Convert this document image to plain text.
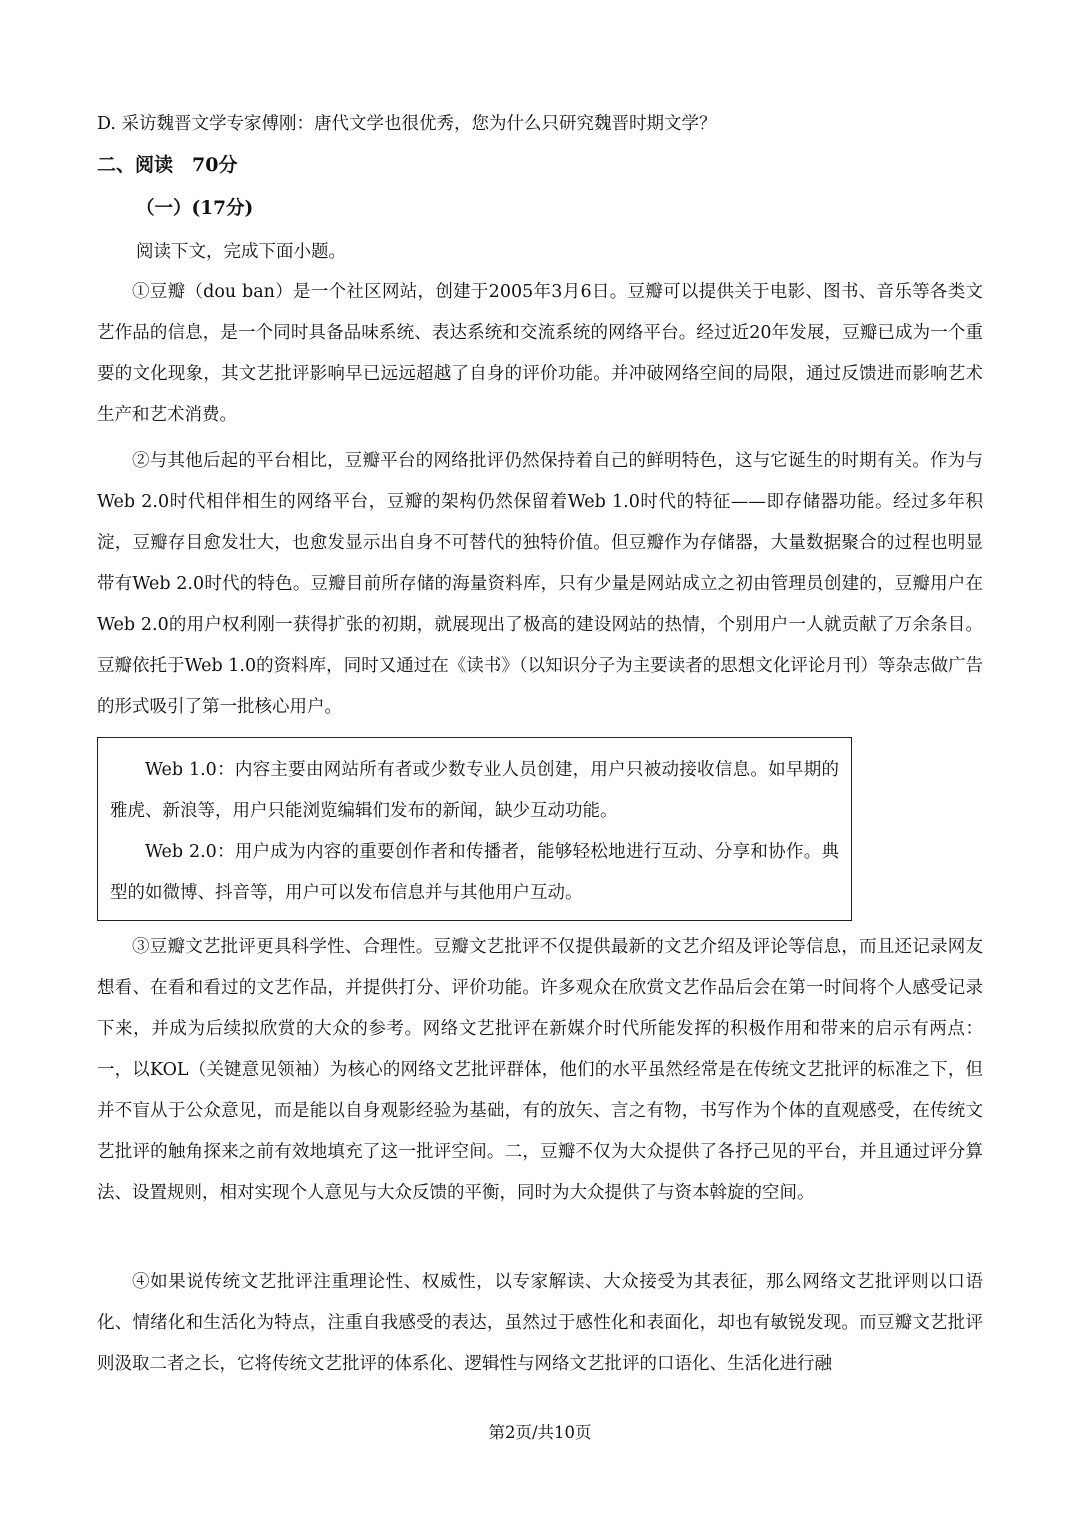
D. 采访魏晋文学专家傅刚：唐代文学也很优秀，您为什么只研究魏晋时期文学？
二、阅读　70分
（一）(17分)
阅读下文，完成下面小题。

①豆瓣（dou ban）是一个社区网站，创建于2005年3月6日。豆瓣可以提供关于电影、图书、音乐等各类文艺作品的信息，是一个同时具备品味系统、表达系统和交流系统的网络平台。经过近20年发展，豆瓣已成为一个重要的文化现象，其文艺批评影响早已远远超越了自身的评价功能。并冲破网络空间的局限，通过反馈进而影响艺术生产和艺术消费。

②与其他后起的平台相比，豆瓣平台的网络批评仍然保持着自己的鲜明特色，这与它诞生的时期有关。作为与Web 2.0时代相伴相生的网络平台，豆瓣的架构仍然保留着Web 1.0时代的特征——即存储器功能。经过多年积淀，豆瓣存目愈发壮大，也愈发显示出自身不可替代的独特价值。但豆瓣作为存储器，大量数据聚合的过程也明显带有Web 2.0时代的特色。豆瓣目前所存储的海量资料库，只有少量是网站成立之初由管理员创建的，豆瓣用户在Web 2.0的用户权利刚一获得扩张的初期，就展现出了极高的建设网站的热情，个别用户一人就贡献了万余条目。豆瓣依托于Web 1.0的资料库，同时又通过在《读书》（以知识分子为主要读者的思想文化评论月刊）等杂志做广告的形式吸引了第一批核心用户。

Web 1.0：内容主要由网站所有者或少数专业人员创建，用户只被动接收信息。如早期的雅虎、新浪等，用户只能浏览编辑们发布的新闻，缺少互动功能。

Web 2.0：用户成为内容的重要创作者和传播者，能够轻松地进行互动、分享和协作。典型的如微博、抖音等，用户可以发布信息并与其他用户互动。

③豆瓣文艺批评更具科学性、合理性。豆瓣文艺批评不仅提供最新的文艺介绍及评论等信息，而且还记录网友想看、在看和看过的文艺作品，并提供打分、评价功能。许多观众在欣赏文艺作品后会在第一时间将个人感受记录下来，并成为后续拟欣赏的大众的参考。网络文艺批评在新媒介时代所能发挥的积极作用和带来的启示有两点：一，以KOL（关键意见领袖）为核心的网络文艺批评群体，他们的水平虽然经常是在传统文艺批评的标准之下，但并不盲从于公众意见，而是能以自身观影经验为基础，有的放矢、言之有物，书写作为个体的直观感受，在传统文艺批评的触角探来之前有效地填充了这一批评空间。二，豆瓣不仅为大众提供了各抒己见的平台，并且通过评分算法、设置规则，相对实现个人意见与大众反馈的平衡，同时为大众提供了与资本斡旋的空间。

④如果说传统文艺批评注重理论性、权威性，以专家解读、大众接受为其表征，那么网络文艺批评则以口语化、情绪化和生活化为特点，注重自我感受的表达，虽然过于感性化和表面化，却也有敏锐发现。而豆瓣文艺批评则汲取二者之长，它将传统文艺批评的体系化、逻辑性与网络文艺批评的口语化、生活化进行融

第2页/共10页
